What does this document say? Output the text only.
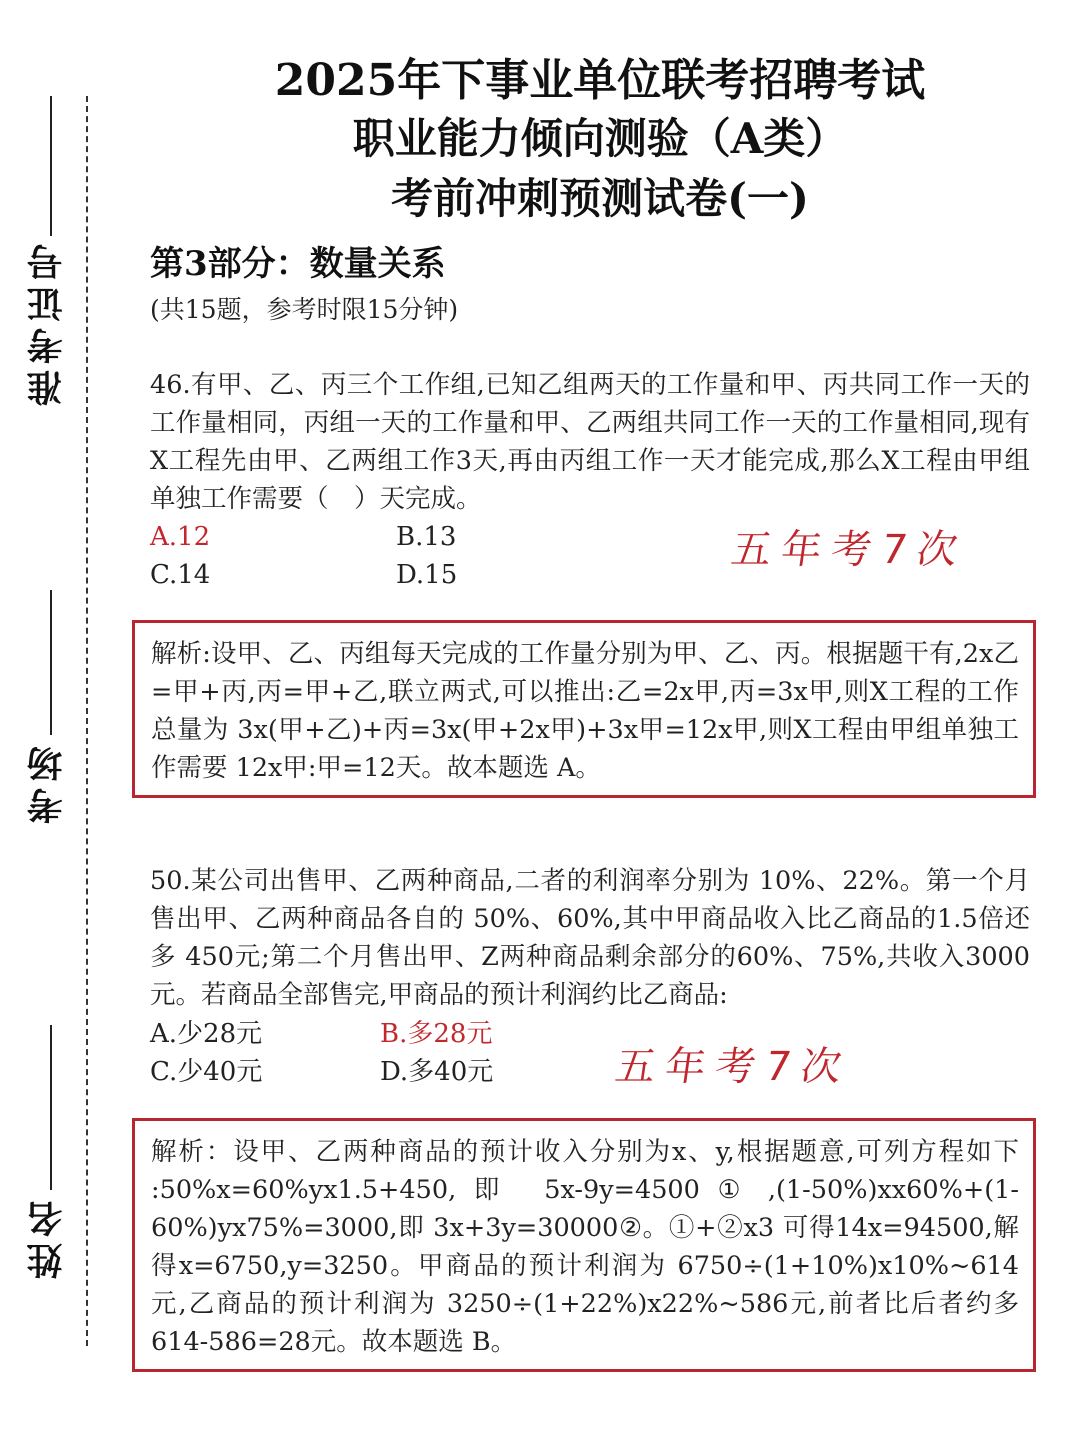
准考证号
考场
姓名
2025年下事业单位联考招聘考试
职业能力倾向测验（A类）
考前冲刺预测试卷(一)
第3部分：数量关系
(共15题，参考时限15分钟)
46.有甲、乙、丙三个工作组,已知乙组两天的工作量和甲、丙共同工作一天的工作量相同，丙组一天的工作量和甲、乙两组共同工作一天的工作量相同,现有X工程先由甲、乙两组工作3天,再由丙组工作一天才能完成,那么X工程由甲组单独工作需要（　）天完成。
A.12	B.13
C.14	D.15
五年考7次
解析:设甲、乙、丙组每天完成的工作量分别为甲、乙、丙。根据题干有,2x乙=甲+丙,丙=甲+乙,联立两式,可以推出:乙=2x甲,丙=3x甲,则X工程的工作总量为 3x(甲+乙)+丙=3x(甲+2x甲)+3x甲=12x甲,则X工程由甲组单独工作需要 12x甲:甲=12天。故本题选 A。
50.某公司出售甲、乙两种商品,二者的利润率分别为 10%、22%。第一个月售出甲、乙两种商品各自的 50%、60%,其中甲商品收入比乙商品的1.5倍还多 450元;第二个月售出甲、Z两种商品剩余部分的60%、75%,共收入3000元。若商品全部售完,甲商品的预计利润约比乙商品:
A.少28元	B.多28元
C.少40元	D.多40元	五年考7次
解析：设甲、乙两种商品的预计收入分别为x、y,根据题意,可列方程如下 :50%x=60%yx1.5+450, 即　5x-9y=4500 ① ,(1-50%)xx60%+(1-60%)yx75%=3000,即 3x+3y=30000②。①+②x3 可得14x=94500,解得x=6750,y=3250。甲商品的预计利润为 6750÷(1+10%)x10%~614元,乙商品的预计利润为 3250÷(1+22%)x22%~586元,前者比后者约多614-586=28元。故本题选 B。
